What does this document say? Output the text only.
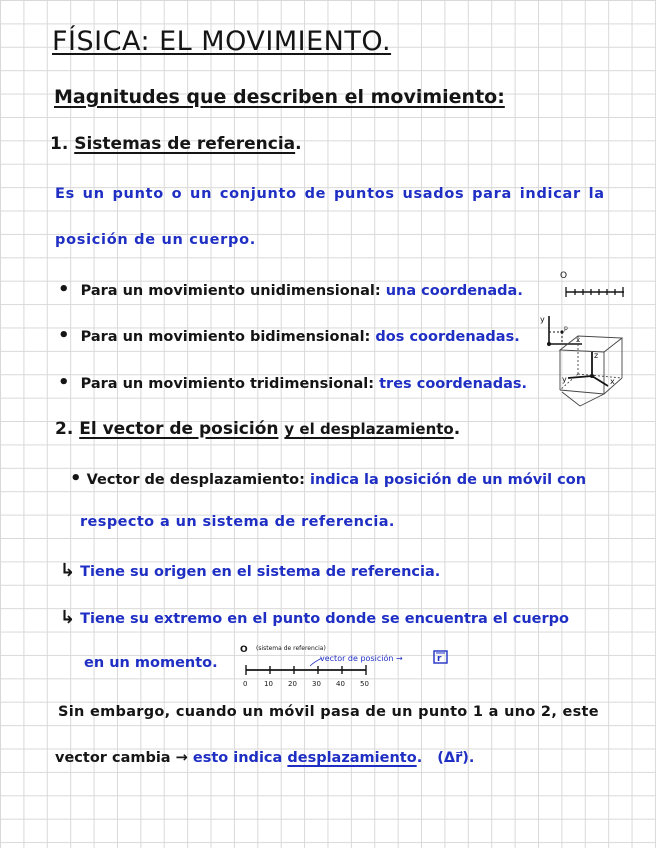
FÍSICA: EL MOVIMIENTO.
Magnitudes que describen el movimiento:
1. Sistemas de referencia.
Es un punto o un conjunto de puntos usados para indicar la
posición de un cuerpo.
• Para un movimiento unidimensional: una coordenada.
• Para un movimiento bidimensional: dos coordenadas.
• Para un movimiento tridimensional: tres coordenadas.
O
y
p
x
z
y	x
2. El vector de posición y el desplazamiento.
• Vector de desplazamiento: indica la posición de un móvil con
respecto a un sistema de referencia.
↳ Tiene su origen en el sistema de referencia.
↳ Tiene su extremo en el punto donde se encuentra el cuerpo
en un momento.
O (sistema de referencia)
vector de posición →	r
0 10 20 30 40 50
Sin embargo, cuando un móvil pasa de un punto 1 a uno 2, este
vector cambia → esto indica desplazamiento. (Δr⃗).
